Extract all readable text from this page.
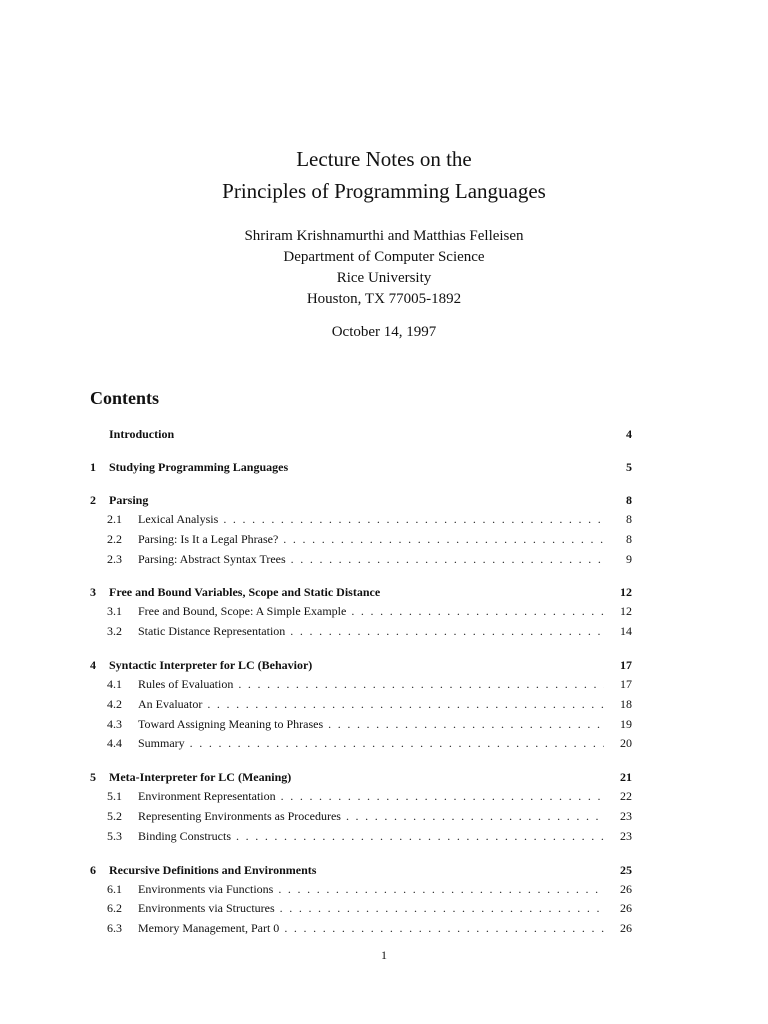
Lecture Notes on the
Principles of Programming Languages
Shriram Krishnamurthi and Matthias Felleisen
Department of Computer Science
Rice University
Houston, TX 77005-1892
October 14, 1997
Contents
Introduction	4
1	Studying Programming Languages	5
2	Parsing	8
2.1	Lexical Analysis . . .	8
2.2	Parsing: Is It a Legal Phrase? . . .	8
2.3	Parsing: Abstract Syntax Trees . . .	9
3	Free and Bound Variables, Scope and Static Distance	12
3.1	Free and Bound, Scope: A Simple Example . . .	12
3.2	Static Distance Representation . . .	14
4	Syntactic Interpreter for LC (Behavior)	17
4.1	Rules of Evaluation . . .	17
4.2	An Evaluator . . .	18
4.3	Toward Assigning Meaning to Phrases . . .	19
4.4	Summary . . .	20
5	Meta-Interpreter for LC (Meaning)	21
5.1	Environment Representation . . .	22
5.2	Representing Environments as Procedures . . .	23
5.3	Binding Constructs . . .	23
6	Recursive Definitions and Environments	25
6.1	Environments via Functions . . .	26
6.2	Environments via Structures . . .	26
6.3	Memory Management, Part 0 . . .	26
1
